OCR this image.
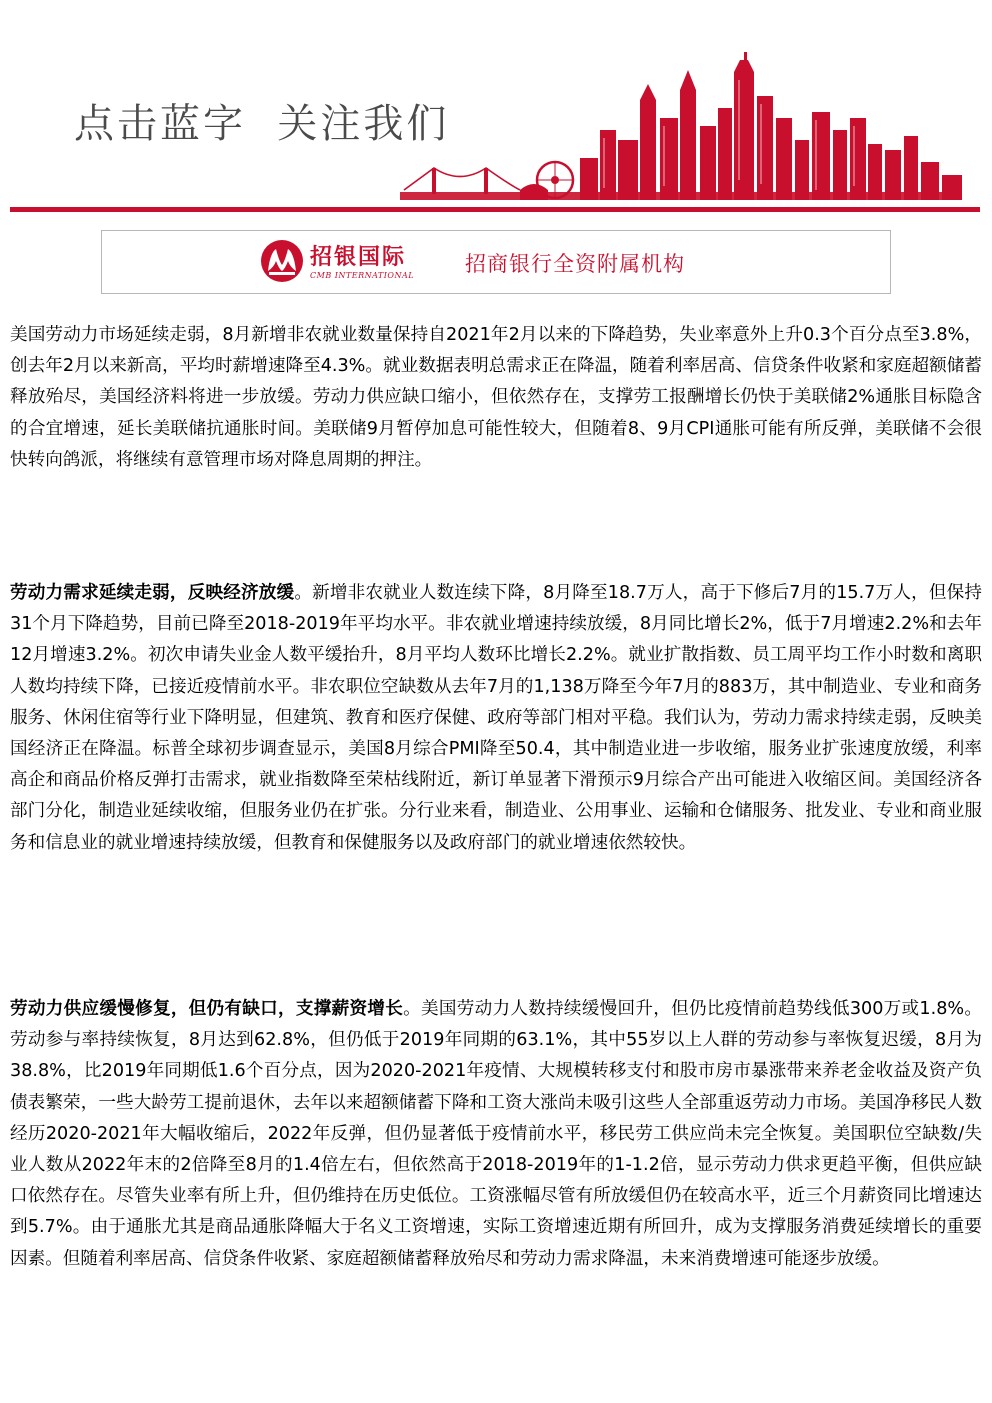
点击蓝字  关注我们
招银国际
CMB INTERNATIONAL 招商银行全资附属机构

美国劳动力市场延续走弱，8月新增非农就业数量保持自2021年2月以来的下降趋势，失业率意外上升0.3个百分点至3.8%，创去年2月以来新高，平均时薪增速降至4.3%。就业数据表明总需求正在降温，随着利率居高、信贷条件收紧和家庭超额储蓄释放殆尽，美国经济料将进一步放缓。劳动力供应缺口缩小，但依然存在，支撑劳工报酬增长仍快于美联储2%通胀目标隐含的合宜增速，延长美联储抗通胀时间。美联储9月暂停加息可能性较大，但随着8、9月CPI通胀可能有所反弹，美联储不会很快转向鸽派，将继续有意管理市场对降息周期的押注。

劳动力需求延续走弱，反映经济放缓。新增非农就业人数连续下降，8月降至18.7万人，高于下修后7月的15.7万人，但保持31个月下降趋势，目前已降至2018-2019年平均水平。非农就业增速持续放缓，8月同比增长2%，低于7月增速2.2%和去年12月增速3.2%。初次申请失业金人数平缓抬升，8月平均人数环比增长2.2%。就业扩散指数、员工周平均工作小时数和离职人数均持续下降，已接近疫情前水平。非农职位空缺数从去年7月的1,138万降至今年7月的883万，其中制造业、专业和商务服务、休闲住宿等行业下降明显，但建筑、教育和医疗保健、政府等部门相对平稳。我们认为，劳动力需求持续走弱，反映美国经济正在降温。标普全球初步调查显示，美国8月综合PMI降至50.4，其中制造业进一步收缩，服务业扩张速度放缓，利率高企和商品价格反弹打击需求，就业指数降至荣枯线附近，新订单显著下滑预示9月综合产出可能进入收缩区间。美国经济各部门分化，制造业延续收缩，但服务业仍在扩张。分行业来看，制造业、公用事业、运输和仓储服务、批发业、专业和商业服务和信息业的就业增速持续放缓，但教育和保健服务以及政府部门的就业增速依然较快。

劳动力供应缓慢修复，但仍有缺口，支撑薪资增长。美国劳动力人数持续缓慢回升，但仍比疫情前趋势线低300万或1.8%。劳动参与率持续恢复，8月达到62.8%，但仍低于2019年同期的63.1%，其中55岁以上人群的劳动参与率恢复迟缓，8月为38.8%，比2019年同期低1.6个百分点，因为2020-2021年疫情、大规模转移支付和股市房市暴涨带来养老金收益及资产负债表繁荣，一些大龄劳工提前退休，去年以来超额储蓄下降和工资大涨尚未吸引这些人全部重返劳动力市场。美国净移民人数经历2020-2021年大幅收缩后，2022年反弹，但仍显著低于疫情前水平，移民劳工供应尚未完全恢复。美国职位空缺数/失业人数从2022年末的2倍降至8月的1.4倍左右，但依然高于2018-2019年的1-1.2倍，显示劳动力供求更趋平衡，但供应缺口依然存在。尽管失业率有所上升，但仍维持在历史低位。工资涨幅尽管有所放缓但仍在较高水平，近三个月薪资同比增速达到5.7%。由于通胀尤其是商品通胀降幅大于名义工资增速，实际工资增速近期有所回升，成为支撑服务消费延续增长的重要因素。但随着利率居高、信贷条件收紧、家庭超额储蓄释放殆尽和劳动力需求降温，未来消费增速可能逐步放缓。
